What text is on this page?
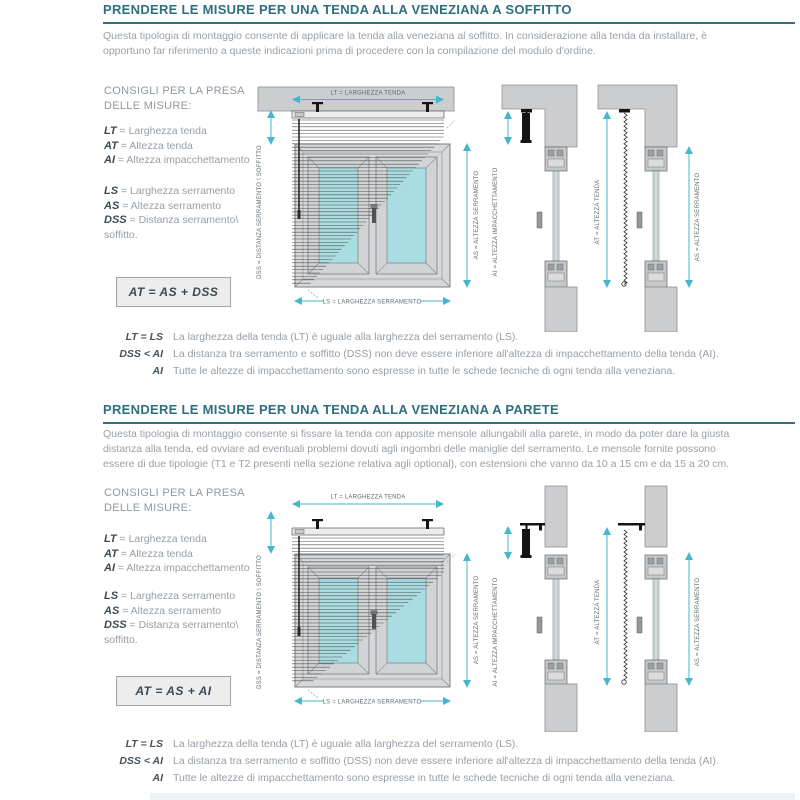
PRENDERE LE MISURE PER UNA TENDA ALLA VENEZIANA A SOFFITTO

Questa tipologia di montaggio consente di applicare la tenda alla veneziana al soffitto. In considerazione alla tenda da installare, è opportuno far riferimento a queste indicazioni prima di procedere con la compilazione del modulo d'ordine.

CONSIGLI PER LA PRESA
DELLE MISURE:
LT = Larghezza tenda
AT = Altezza tenda
AI = Altezza impacchettamento
LS = Larghezza serramento
AS = Altezza serramento
DSS = Distanza serramento\
soffitto.
AT = AS + DSS
LT = LARGHEZZA TENDA
DSS = DISTANZA SERRAMENTO \ SOFFITTO	AS = ALTEZZA SERRAMENTO
LS = LARGHEZZA SERRAMENTO
AI = ALTEZZA IMPACCHETTAMENTO	AT = ALTEZZA TENDA	AS = ALTEZZA SERRAMENTO
LT = LS La larghezza della tenda (LT) è uguale alla larghezza del serramento (LS).
DSS < AI La distanza tra serramento e soffitto (DSS) non deve essere inferiore all'altezza di impacchettamento della tenda (AI).
AI Tutte le altezze di impacchettamento sono espresse in tutte le schede tecniche di ogni tenda alla veneziana.
PRENDERE LE MISURE PER UNA TENDA ALLA VENEZIANA A PARETE

Questa tipologia di montaggio consente si fissare la tenda con apposite mensole allungabili alla parete, in modo da poter dare la giusta distanza alla tenda, ed ovviare ad eventuali problemi dovuti agli ingombri delle maniglie del serramento. Le mensole fornite possono essere di due tipologie (T1 e T2 presenti nella sezione relativa agli optional), con estensioni che vanno da 10 a 15 cm e da 15 a 20 cm.

CONSIGLI PER LA PRESA
DELLE MISURE:
LT = Larghezza tenda
AT = Altezza tenda
AI = Altezza impacchettamento
LS = Larghezza serramento
AS = Altezza serramento
DSS = Distanza serramento\
soffitto.
AT = AS + AI
LT = LARGHEZZA TENDA
DSS = DISTANZA SERRAMENTO \ SOFFITTO	AS = ALTEZZA SERRAMENTO
LS = LARGHEZZA SERRAMENTO
AI = ALTEZZA IMPACCHETTAMENTO	AT = ALTEZZA TENDA	AS = ALTEZZA SERRAMENTO
LT = LS La larghezza della tenda (LT) è uguale alla larghezza del serramento (LS).
DSS < AI La distanza tra serramento e soffitto (DSS) non deve essere inferiore all'altezza di impacchettamento della tenda (AI).
AI Tutte le altezze di impacchettamento sono espresse in tutte le schede tecniche di ogni tenda alla veneziana.
